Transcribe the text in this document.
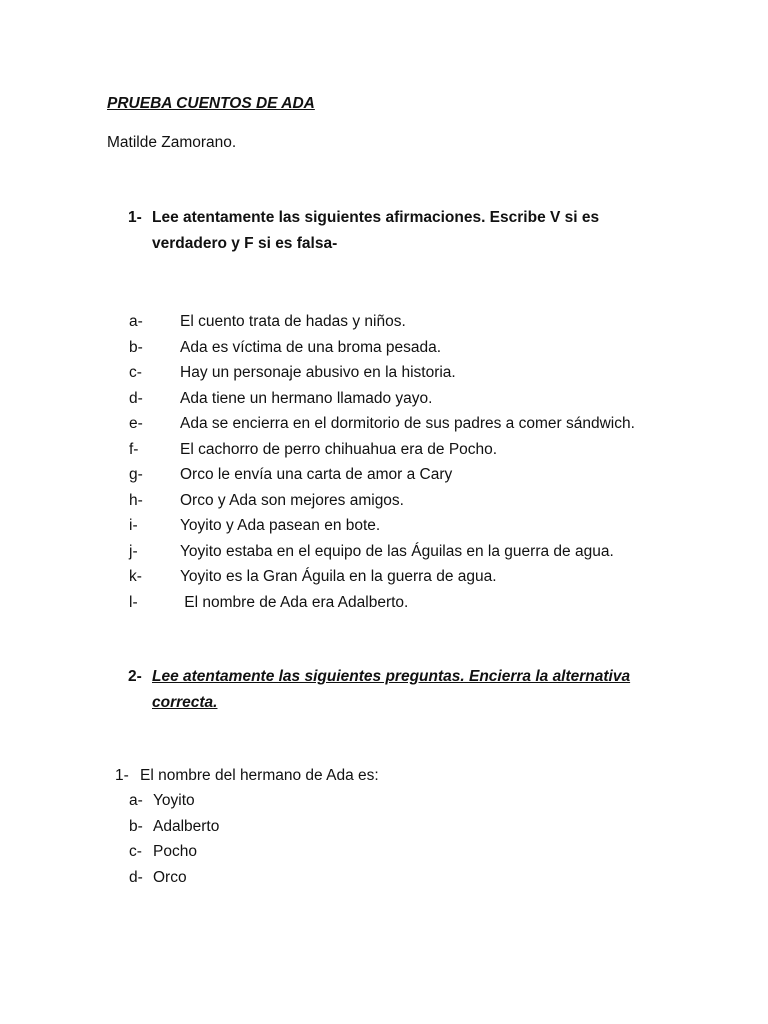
PRUEBA CUENTOS DE ADA
Matilde Zamorano.
1- Lee atentamente las siguientes afirmaciones. Escribe V si es verdadero y F si es falsa-
a- El cuento trata de hadas y niños.
b- Ada es víctima de una broma pesada.
c- Hay un personaje abusivo en la historia.
d- Ada tiene un hermano llamado yayo.
e- Ada se encierra en el dormitorio de sus padres a comer sándwich.
f-	El cachorro de perro chihuahua era de Pocho.
g- Orco le envía una carta de amor a Cary
h- Orco y Ada son mejores amigos.
i-	Yoyito y Ada pasean en bote.
j-	Yoyito estaba en el equipo de las Águilas en la guerra de agua.
k- Yoyito es la Gran Águila en la guerra de agua.
l-	El nombre de Ada era Adalberto.
2- Lee atentamente las siguientes preguntas. Encierra la alternativa correcta.
1- El nombre del hermano de Ada es:
a- Yoyito
b- Adalberto
c- Pocho
d- Orco
